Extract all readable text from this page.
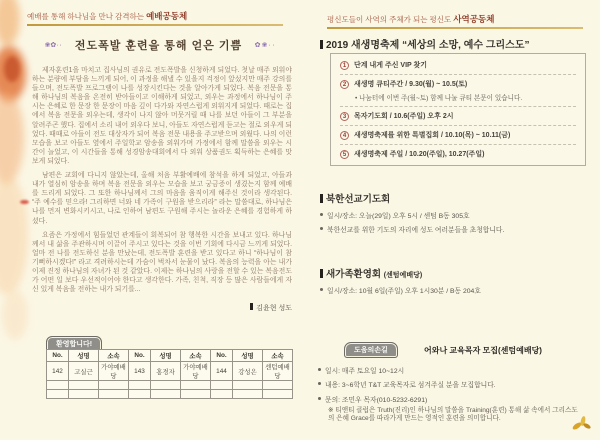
예배를 통해 하나님을 만나 감격하는 예배공동체
❀✿·۰ 전도폭발 훈련을 통해 얻은 기쁨 ✿❀·۰

제자훈련1을 마치고 집사님의 권유로 전도폭발을 신청하게 되었다. 첫날 매주 외워야 하는 분량에 부담을 느끼게 되어, 이 과정을 해낼 수 있을지 걱정이 앞섰지만 매주 강의를 들으며, 전도폭발 프로그램이 나를 성장시킨다는 것을 알아가게 되었다. 복음 전문을 통해 하나님의 복음을 온전히 받아들이고 이해하게 되었고, 외우는 과정에서 하나님이 주시는 은혜로 한 문장 한 문장이 마음 깊이 다가와 자연스럽게 외워지게 되었다. 때로는 집에서 복음 전문을 외우는데, 생각이 나지 않아 머뭇거릴 때 나를 보던 아들이 그 부분을 알려주곤 했다. 집에서 소리 내어 외우다 보니, 아들도 자연스럽게 듣고는 절로 외우게 되었다. 때때로 아들이 전도 대상자가 되어 복음 전문 내용을 주고받으며 외웠다. 나의 이런 모습을 보고 아들도 옆에서 주일학교 암송을 외워가며 가정에서 함께 말씀을 외우는 시간이 늘었고, 이 시간들을 통해 성경암송대회에서 다 외워 상품권도 획득하는 은혜를 맛보게 되었다.

남편은 교회에 다니지 않았는데, 올해 처음 부활예배에 참석을 하게 되었고, 아들과 내가 열심히 암송을 하며 복음 전문을 외우는 모습을 보고 궁금증이 생겼는지 함께 예배를 드리게 되었다. 그 또한 하나님께서 그의 마음을 움직이게 해주신 것이라 생각된다. “주 예수를 믿으라! 그리하면 너와 네 가족이 구원을 받으리라” 라는 말씀대로, 하나님은 나를 먼저 변화시키시고, 나로 인하여 남편도 구원해 주시는 놀라운 은혜를 경험하게 하셨다.

요즘은 가정에서 힘들었던 관계들이 회복되어 참 행복한 시간을 보내고 있다. 하나님께서 내 삶을 주관하시며 이끌어 주시고 있다는 것을 이번 기회에 다시금 느끼게 되었다. 얼마 전 나를 전도하신 분을 만났는데, 전도폭발 훈련을 받고 있다고 하니 “하나님이 참 기뻐하시겠다!” 라고 격려하시는데 가슴이 벅차서 눈물이 났다. 복음의 능력을 아는 내가 이제 진정 하나님의 자녀가 된 것 같았다. 이제는 하나님의 사랑을 전할 수 있는 복음전도가 어떤 일 보다 우선적이어야 한다고 생각한다. 가족, 친척, 직장 등 많은 사람들에게 자신 있게 복음을 전하는 내가 되기를...

김윤현 성도
환영합니다!
No.	성명	소속	No.	성명	소속	No.	성명	소속
142	고실근	가야예배당	143	홍경자	가야예배당	144	강성은	센텀예배당

평신도들이 사역의 주체가 되는 평신도 사역공동체
2019 새생명축제 “세상의 소망, 예수 그리스도”
1	단계 내게 주신 VIP 찾기
2	새생명 큐티주간 / 9.30(월) ~ 10.5(토)
• 나눔터에 이번 주(월~토) 함께 나눌 큐티 본문이 있습니다.
3	목자기도회 / 10.6(주일) 오후 2시
4	새생명축제를 위한 특별집회 / 10.10(목) ~ 10.11(금)
5	새생명축제 주일 / 10.20(주일), 10.27(주일)
북한선교기도회
일시/장소: 오늘(29일) 오후 5시 / 센텀 B동 305호
북한선교를 위한 기도의 자리에 성도 여러분들을 초청합니다.
새가족환영회 (센텀예배당)
일시/장소: 10월 6일(주일) 오후 1시30분 / B동 204호
도움의손길	어와나 교육목자 모집(센텀예배당)
일시: 매주 토요일 10~12시
내용: 3~6학년 T&T 교육목자로 섬겨주실 분을 모집합니다.
문의: 조민우 목자(010-5232-6291)
※ 티앤티 클럽은 Truth(진리)인 하나님의 말씀을 Training(훈련) 통해 삶 속에서 그리스도의 은혜 Grace를 따라가게 만드는 영적인 훈련을 의미합니다.
